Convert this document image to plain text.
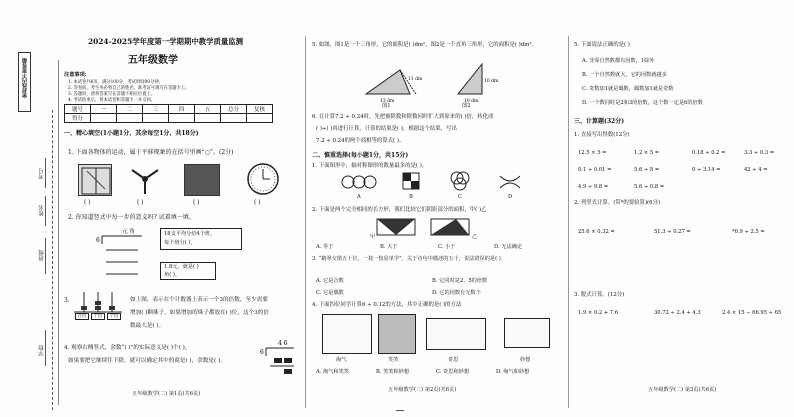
密封线内不要答题
考号
姓名
班级
学校
2024-2025学年度第一学期期中教学质量监测
五年级数学
注意事项:
1. 本试卷共6页，满分100分，考试时间90分钟。
2. 答卷前，考生务必将自己的姓名、准考证号填写在答题卡上。
3. 答题时，请将答案写在答题卡相应位置上。
4. 考试结束后，将本试卷和答题卡一并交回。
题号	一	二	三	四	五	总分	复核
得分							
一、精心填空(1小题1分，其余每空1分，共18分)
1. 下面各物体的运动，属于平移现象的在括号里画“○”。(2分)
( )	( )	( )	( )
2. 你知道竖式中每一步的意义吗? 试着填一填。
元 角
6
18支平均分给4个班，
每个班分( )，
1.8元，就是( )
角( )。
3.
百位	十位	个位
如上图，表示在个计数器上表示一个3的倍数，至少需要
增加( )颗珠子，如果增加的珠子都放在( )位，这个3的倍
数最大是( )。
4. 观察右侧竖式，余数“( )”的实际意义是( )个( )，
如果要把它继续往下除，就可以确定其中的商是( )，余数是( )。
4 6
6
五年级数学(二) 第1页(共6页)
5. 如图，图1是一个三角形，它的面积是( )dm²，图2是一个直角三角形，它的面积是( )dm²。
13 dm
11 dm
10 dm
10 dm
图1	图2
6. 在计算7.2 ÷ 0.24时，先把被除数和除数同时扩大到原来的( )倍，转化成
( )÷( )再进行计算，计算的结果是( )，根据这个结果，写出
7.2 ÷ 0.24的两个商相等的算式( )。
二、慎重选择(每小题1分，共15分)
1. 下面图形中，轴对称图形的数量最多的是( )。
A	B	C	D
2. 下面是两个完全相同的长方形，我们比较它们阴影部分的面积，甲( )乙
甲	乙
A. 等于	B. 大于	C. 小于	D. 无法确定
3. “鹤翠交错五十位，一枝一枝显单学”，关于诗句中描述的五十，说法错误的是( )。
A. 它是合数	B. 它同时是2、5的倍数
C. 它是偶数	D. 它的因数有无数个
4. 下面四位同学计算6 ÷ 0.12的方法，其中正确的是( )的方法
淘气	笑笑	奇思	妙想
A. 淘气和笑笑	B. 笑笑和妙想	C. 奇思和妙想	D. 淘气和妙想
五年级数学(二) 第2页(共6页)
5. 下面说法正确的是( )
A. 非零自然数都有因数，1除外
B. 一个自然数就大，它的因数就越多
C. 奇数加1就是偶数，偶数加1就是奇数
D. 一个数同时是2和3的倍数，这个数一定是6的倍数
三、计算题(32分)
1. 直接写出得数(12分)
12.5 × 5 =	1.2 × 5 =	0.18 ÷ 0.2 =	3.3 ÷ 0.3 =
0.1 ÷ 0.01 =	5.6 ÷ 8 =	0 ÷ 3.14 =	42 ÷ 4 =
4.9 ÷ 9.8 =	5.6 ÷ 0.8 =
2. 列竖式计算。(带*的要验算)(6分)
25.6 × 0.32 =	51.3 ÷ 0.27 =	*0.9 ÷ 2.5 =
3. 脱式计算。(12分)
1.9 × 0.2 + 7.6	30.72 ÷ 2.4 + 4.3	2.4 × 15 − 66.95 ÷ 65
五年级数学(二) 第3页(共6页)
